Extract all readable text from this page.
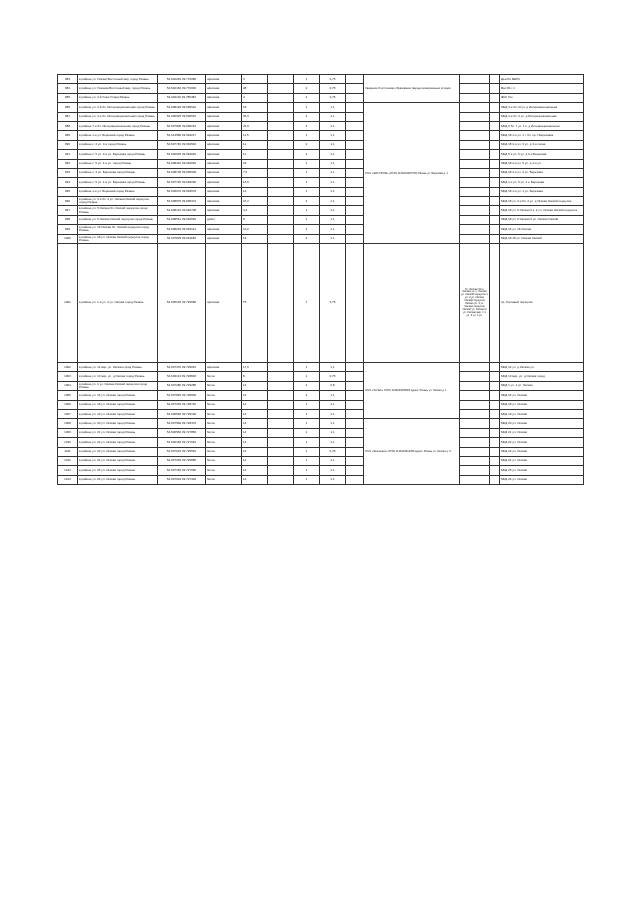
983	в районе ул. Усачев Восточный мкр, город Рязань	54.602263 39.770089	офисная	3		1	0,75		Сведения об источниках образования твердых коммунальных отходов			Ден-Ри ФЕРС
984	в районе ул. Усачева Восточный мкр, город Рязань	54.602160 39.770000	офисная	38		2	0,75					Вал 81 г.п
985	в районе ул. 3-й Ушки Улица Рязань	54.602116 39.785483	офисная	4		2	0,75					ФКС Тех
986	в районе ул. 2-й бл. Интернациональная город Рязань	54.608129 39.695622	офисная	18		1	1,1		ООО «ЭКО-ПРОМ» (ОГРН 1146234007750) Рязань ул. Березова д. 1			МКД 3-я бл.-Я ул. д Интернациональная
987	в районе ул. 4-я бл. Интернациональная город Рязань	54.606025 39.696515	офисная	35,9		2	1,1					МКД 3-я бл. 3 ул. д Интернациональная
988	в районе 7-я бл. Интернациональная город Рязань	54.607805 39.696219	офисная	22,9		4	1,1					МКД 3 бл. 7 ул. 1 к. д Интернациональная
989	в районе 1-я ул. Березова город Рязань	54.613580 39.694217	офисная	11,5		1	1,1					МКД 18 1-я ул. 1 г. бл. пр-т Березовка
990	в районе с. 4 ул. 3-я город Рязань	54.607740 39.694540	офисная	11		2	1,1					МКД 18 4-я ул. 3 ул. д 3-я сосна
991	в районе с. 5 ул. 3-я ул. Березова город Рязань	54.606935 39.694620	офисная	11		2	1,1					МКД 5-я ул. 5 ул. д 3-я Березова
992	в районе с. 5 ул. 4-я ул. город Рязань	54.608410 39.694640	офисная	24		1	1,1					МКД 18 4-я ул. 5 ул. д 4-я ул.
993	в районе с. 4 ул. Березова город Рязань	54.608700 39.695000	офисная	7,5		1	1,1					МКД 18 4-я ул. 4 ул. Березова
994	в районе с. 5 ул. 1-я ул. Березова город Рязань	54.607720 39.693290	офисная	16,6		1	1,1					МКД 1-я ул. 5 ул. 1 к. Березова
995	в районе 1-я ул. Березова город Рязань	54.609070 39.694570	офисная	14		1	1,1					МКД 18 1-я ул. 1 ул. Березова
996	в районе ул. 3-я бл. 4 ул. Окская Окский переулок город Рязань	54.608975 39.695372	офисная	37,2		4	1,1					МКД 18 ул. 3-я бл. 4 ул. д Окская Окский переулок
997	в районе ул. 5 Окская бл. Окский переулок город Рязань	54.608124 39.692708	офисная	4,2		1	1,1					МКД 18 ул. 5 Окская 2 к. 2 ул. Окская Окский переулок
998	в районе ул. 6 Окская Окский переулок город Рязань	54.608561 39.692640	дебет	8		1	1,1					МКД 18 ул. 5 Окская 6 ул. Окская Окский
999	в районе ул. 16 Окская бл. Окский переулок город Рязань	54.608294 39.693141	офисная	10,2		2	1,1					МКД 16 ул. 16 Окская
1000	в районе ул. 18 ул. Окская Окский переулок город Рязань	54.607825 39.691180	офисная	19		3	1,1					МКД 18 18 ул. Окская Окский
1001	в районе ул. 1-я ул. 3 ул. Окская город Рязань	54.605106 39.729680	офисная	75		7	0,75			Ул. Окская 3С к. Окская ул. к. Окская ул. Окский переулок 1 ул. 2 ул. Окская Окский переулок Окская ул. 3 ул. Окская переулок Окский ул. Окская 2 ул. Окская мкр. 1 1 ул. 3 ул. 4 ул.		пр. Торговый переулок
1002	в районе ул. 12 мкр. ул. Окская город Рязань	54.607376 39.729661	офисная	17,6		1	1,1		ООО «ТехЭко» ОГРН 1136234005823 адрес: Рязань ул. Окская д. 1			МКД 12 ул. д Окская ул.
1003	в районе ул. 13 мкр. ул. д Окская город Рязань	54.603113 39.728818	бетон	8		1	0,75					МКД 13 мкр. ул. д Окская город
1004	в районе ул. 1 ул. Окская Окский переулок город Рязань	54.607280 39.729285	бетон	14		2	0,8					МКД 1 ул. 1 ул. Окская
1005	в районе ул. 15 ул. Окская город Рязань	54.607820 39.728900	бетон	14		4	1,1					МКД 15 ул. Окская
1006	в районе ул. 18 ул. Окская город Рязань	54.607260 39.728740	бетон	14		1	1,1					МКД 18 ул. Окская
1007	в районе ул. 19 ул. Окская город Рязань	54.606590 39.729190	бетон	14		1	1,1					МКД 19 ул. Окская
1008	в районе ул. 20 ул. Окская город Рязань	54.607560 39.728470	бетон	14		1	1,1		ООО «Экосервис» ОГРН 1146234012450 адрес: Рязань ул. Окская д. 5			МКД 20 ул. Окская
1009	в районе ул. 21 ул. Окская город Рязань	54.606560 39.727850	бетон	14		1	1,1					МКД 21 ул. Окская
1010	в районе ул. 22 ул. Окская город Рязань	54.606160 39.727091	бетон	14		1	1,1					МКД 22 ул. Окская
1011	в районе ул. 23 ул. Окская город Рязань	54.607034 39.729591	бетон	14		1	0,75					МКД 23 ул. Окская
1012	в районе ул. 24 ул. Окская город Рязань	54.607260 39.726885	бетон	14		1	1,1					МКД 24 ул. Окская
1013	в районе ул. 25 ул. Окская город Рязань	54.607150 39.727090	бетон	14		1	1,1					МКД 25 ул. Окская
1014	в районе ул. 26 ул. Окская город Рязань	54.607634 39.727420	бетон	14		1	1,1					МКД 26 ул. Окская
